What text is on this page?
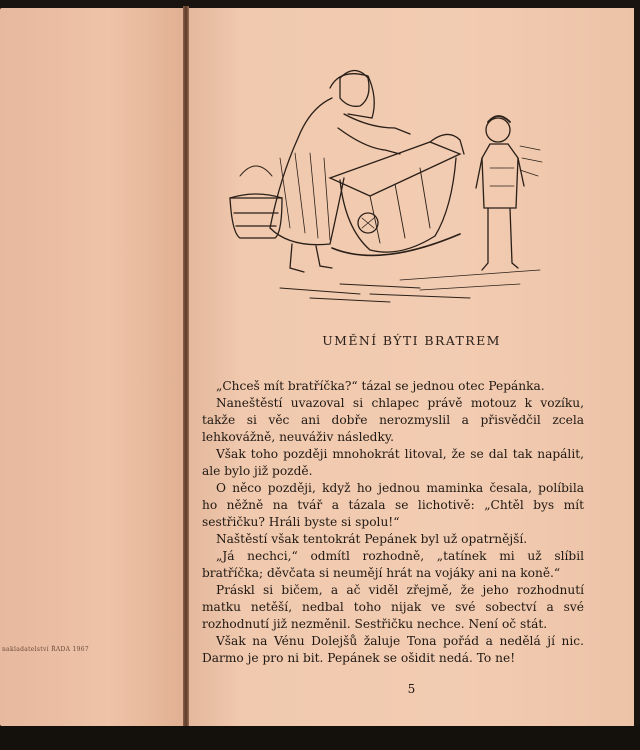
nakladatelství ŘADA 1967
UMĚNÍ BÝTI BRATREM

„Chceš mít bratříčka?“ tázal se jednou otec Pepánka.

Naneštěstí uvazoval si chlapec právě motouz k vozíku, takže si věc ani dobře nerozmyslil a přisvědčil zcela lehkovážně, neuváživ následky.

Však toho později mnohokrát litoval, že se dal tak napálit, ale bylo již pozdě.

O něco později, když ho jednou maminka česala, políbila ho něžně na tvář a tázala se lichotivě: „Chtěl bys mít sestřičku? Hráli byste si spolu!“

Naštěstí však tentokrát Pepánek byl už opatrnější.

„Já nechci,“ odmítl rozhodně, „tatínek mi už slíbil bratříčka; děvčata si neumějí hrát na vojáky ani na koně.“

Práskl si bičem, a ač viděl zřejmě, že jeho rozhodnutí matku netěší, nedbal toho nijak ve své sobectví a své rozhodnutí již nezměnil. Sestřičku nechce. Není oč stát.

Však na Vénu Dolejšů žaluje Tona pořád a nedělá jí nic. Darmo je pro ni bit. Pepánek se ošidit nedá. To ne!

5
